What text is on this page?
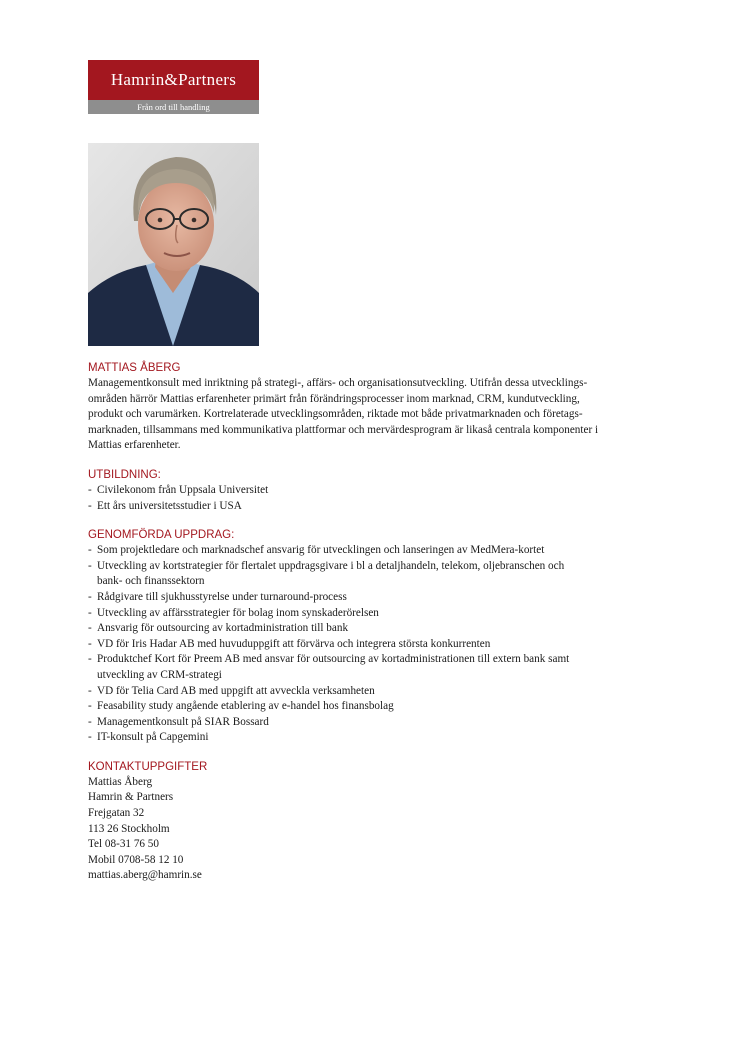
Hamrin&Partners
Från ord till handling
MATTIAS ÅBERG

Managementkonsult med inriktning på strategi-, affärs- och organisationsutveckling. Utifrån dessa utvecklings-

områden härrör Mattias erfarenheter primärt från förändringsprocesser inom marknad, CRM, kundutveckling,

produkt och varumärken. Kortrelaterade utvecklingsområden, riktade mot både privatmarknaden och företags-

marknaden, tillsammans med kommunikativa plattformar och mervärdesprogram är likaså centrala komponenter i

Mattias erfarenheter.

UTBILDNING:
- Civilekonom från Uppsala Universitet
- Ett års universitetsstudier i USA
GENOMFÖRDA UPPDRAG:
- Som projektledare och marknadschef ansvarig för utvecklingen och lanseringen av MedMera-kortet
- Utveckling av kortstrategier för flertalet uppdragsgivare i bl a detaljhandeln, telekom, oljebranschen och
bank- och finanssektorn
- Rådgivare till sjukhusstyrelse under turnaround-process
- Utveckling av affärsstrategier för bolag inom synskaderörelsen
- Ansvarig för outsourcing av kortadministration till bank
- VD för Iris Hadar AB med huvuduppgift att förvärva och integrera största konkurrenten
- Produktchef Kort för Preem AB med ansvar för outsourcing av kortadministrationen till extern bank samt
utveckling av CRM-strategi
- VD för Telia Card AB med uppgift att avveckla verksamheten
- Feasability study angående etablering av e-handel hos finansbolag
- Managementkonsult på SIAR Bossard
- IT-konsult på Capgemini
KONTAKTUPPGIFTER
Mattias Åberg
Hamrin & Partners
Frejgatan 32
113 26 Stockholm
Tel 08-31 76 50
Mobil 0708-58 12 10
mattias.aberg@hamrin.se
